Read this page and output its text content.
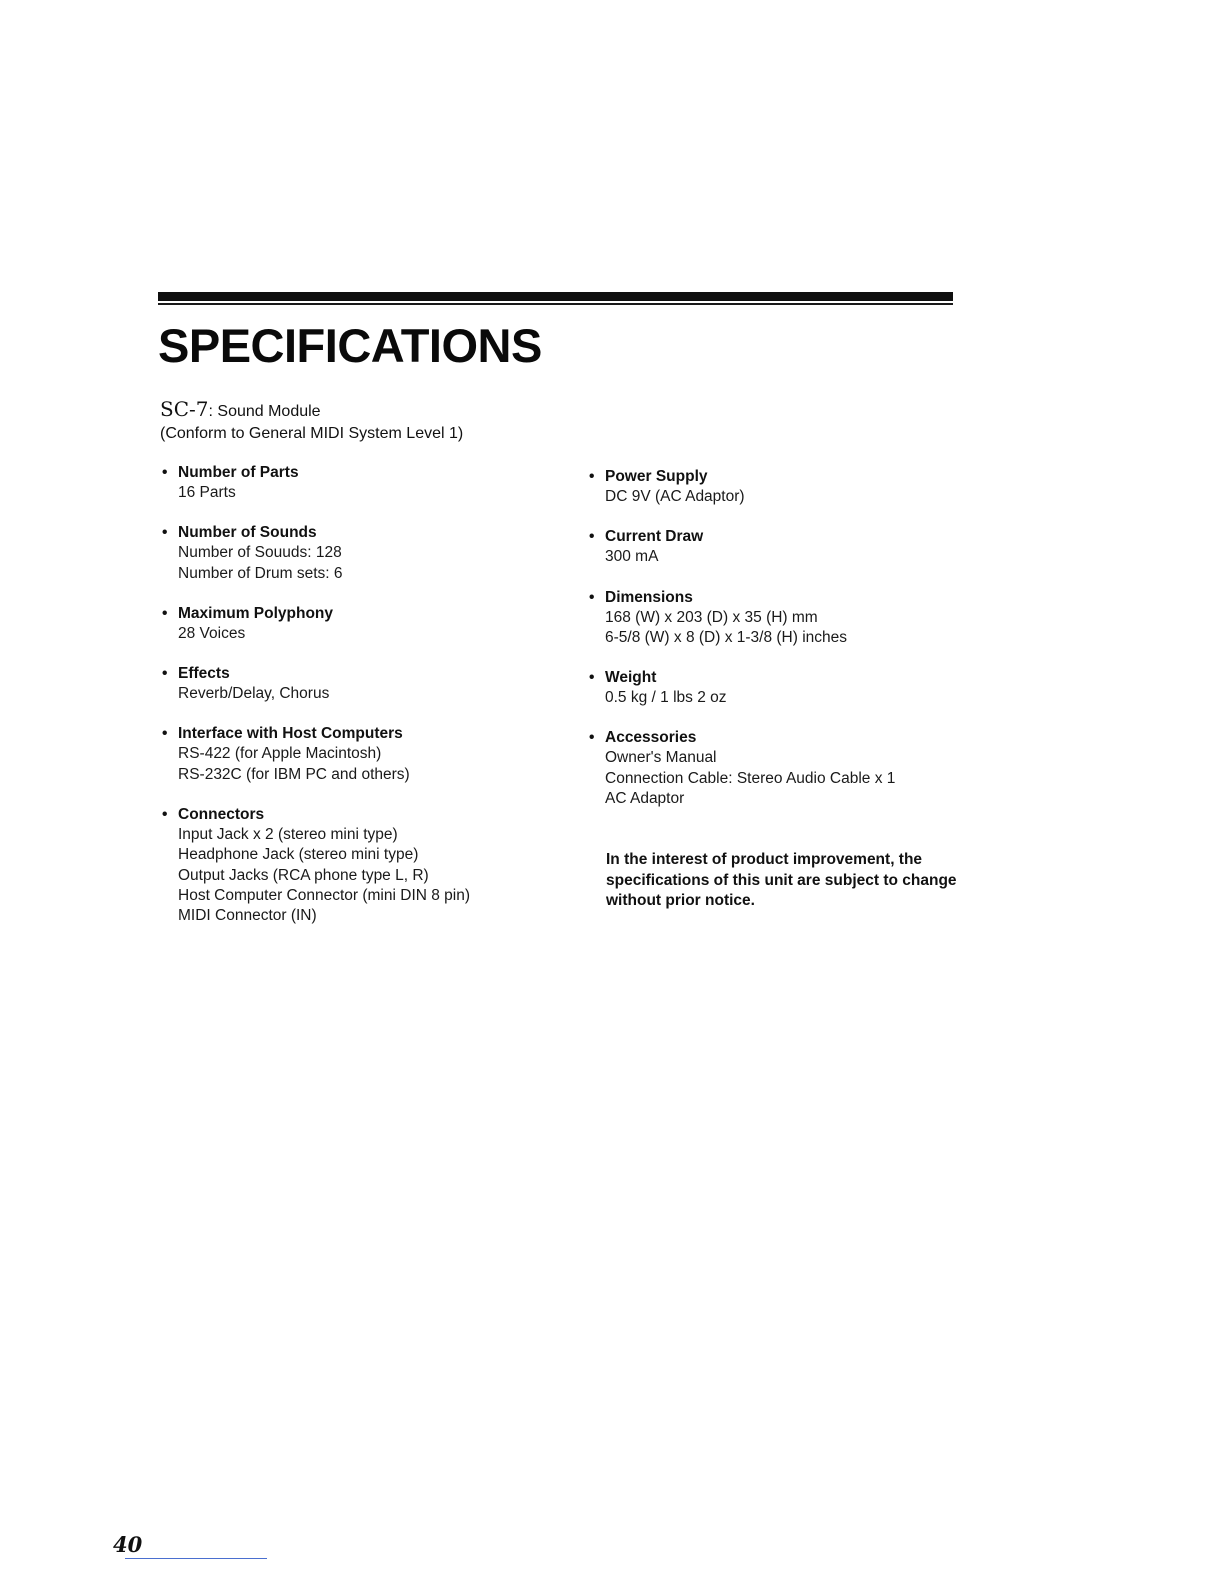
SPECIFICATIONS
SC-7: Sound Module
(Conform to General MIDI System Level 1)
• Number of Parts
16 Parts
• Number of Sounds
Number of Souuds: 128
Number of Drum sets: 6
• Maximum Polyphony
28 Voices
• Effects
Reverb/Delay, Chorus
• Interface with Host Computers
RS-422 (for Apple Macintosh)
RS-232C (for IBM PC and others)
• Connectors
Input Jack x 2 (stereo mini type)
Headphone Jack (stereo mini type)
Output Jacks (RCA phone type L, R)
Host Computer Connector (mini DIN 8 pin)
MIDI Connector (IN)
• Power Supply
DC 9V (AC Adaptor)
• Current Draw
300 mA
• Dimensions
168 (W) x 203 (D) x 35 (H) mm
6-5/8 (W) x 8 (D) x 1-3/8 (H) inches
• Weight
0.5 kg / 1 lbs 2 oz
• Accessories
Owner's Manual
Connection Cable: Stereo Audio Cable x 1
AC Adaptor
In the interest of product improvement, the
specifications of this unit are subject to change
without prior notice.
40
